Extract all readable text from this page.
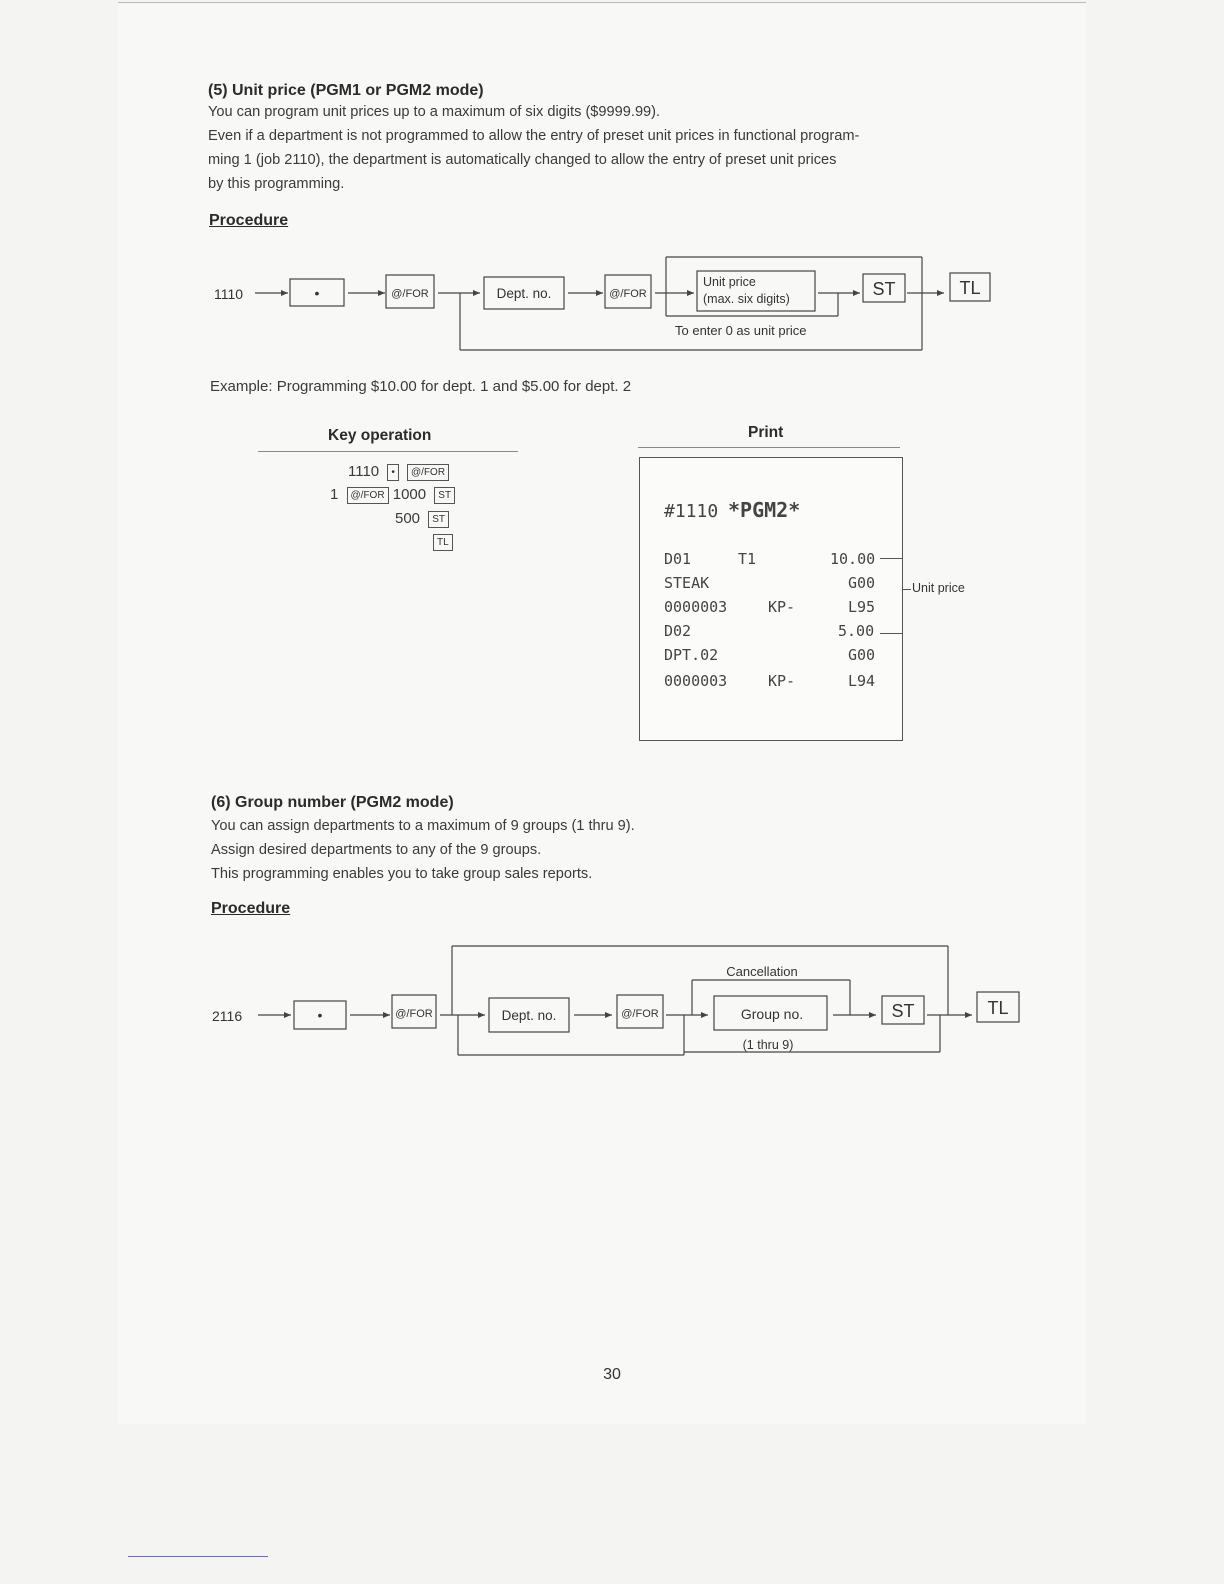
(5) Unit price (PGM1 or PGM2 mode)

You can program unit prices up to a maximum of six digits ($9999.99).

Even if a department is not programmed to allow the entry of preset unit prices in functional program-

ming 1 (job 2110), the department is automatically changed to allow the entry of preset unit prices

by this programming.

Procedure
1110	•	@/FOR	Dept. no.	@/FOR
Unit price
(max. six digits)	ST	TL
To enter 0 as unit price
Example: Programming $10.00 for dept. 1 and $5.00 for dept. 2
Key operation	Print
1110 • @/FOR
1 @/FOR 1000 ST
500 ST
TL
#1110 *PGM2*
D01	T1	10.00
STEAK	G00
0000003	KP-	L95
D02	5.00
DPT.02	G00
0000003	KP-	L94
Unit price
(6) Group number (PGM2 mode)

You can assign departments to a maximum of 9 groups (1 thru 9).

Assign desired departments to any of the 9 groups.

This programming enables you to take group sales reports.

Procedure
2116	•	@/FOR	Dept. no.	@/FOR	Group no.
(1 thru 9)
Cancellation
ST	TL
30
